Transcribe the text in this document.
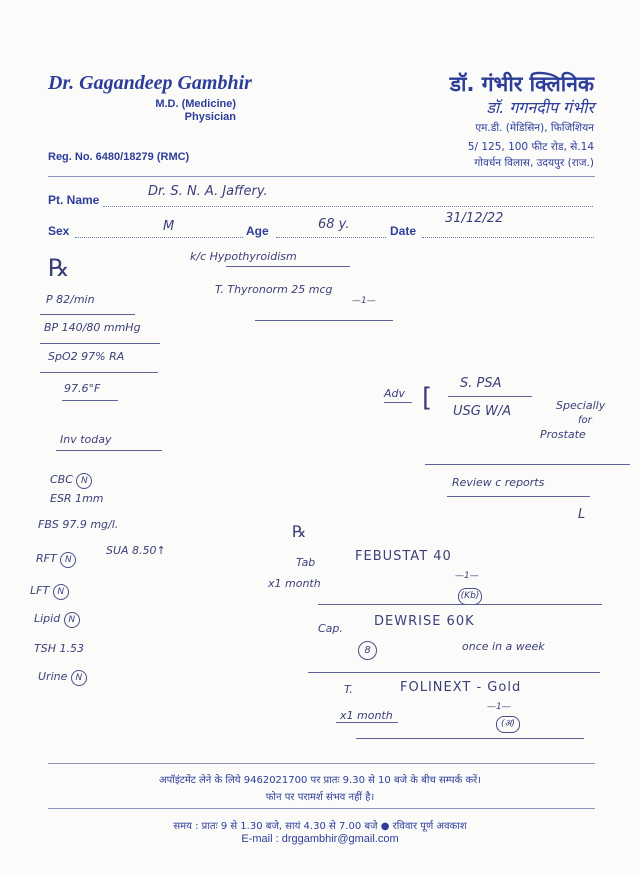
Dr. Gagandeep Gambhir
M.D. (Medicine)
Physician
Reg. No. 6480/18279 (RMC)
डॉ. गंभीर क्लिनिक
डॉ. गगनदीप गंभीर
एम.डी. (मेडिसिन), फिजिशियन
5/ 125, 100 फीट रोड, से.14
गोवर्धन विलास, उदयपुर (राज.)
Pt. Name
Dr. S. N. A. Jaffery.
Sex	M	Age	68 y.	Date
31/12/22
℞	k/c Hypothyroidism
T. Thyronorm 25 mcg
—1—
P 82/min
BP 140/80 mmHg
SpO2 97% RA
97.6°F	Adv [ S. PSA
USG W/A	Specially
for
Prostate
Review c reports
L
Inv today
CBC N
ESR 1mm
FBS 97.9 mg/l.
RFT N
SUA 8.50↑
LFT N
Lipid N
TSH 1.53
Urine N
℞
Tab
x1 month
FEBUSTAT 40
—1—
(Kb)
Cap. DEWRISE 60K
8	once in a week
T.	FOLINEXT - Gold
x1 month
—1—
(अ)
अपॉइंटमेंट लेने के लिये 9462021700 पर प्रातः 9.30 से 10 बजे के बीच सम्पर्क करें।
फोन पर परामर्श संभव नहीं है।
समय : प्रातः 9 से 1.30 बजे, सायं 4.30 से 7.00 बजे ● रविवार पूर्ण अवकाश
E-mail : drggambhir@gmail.com
